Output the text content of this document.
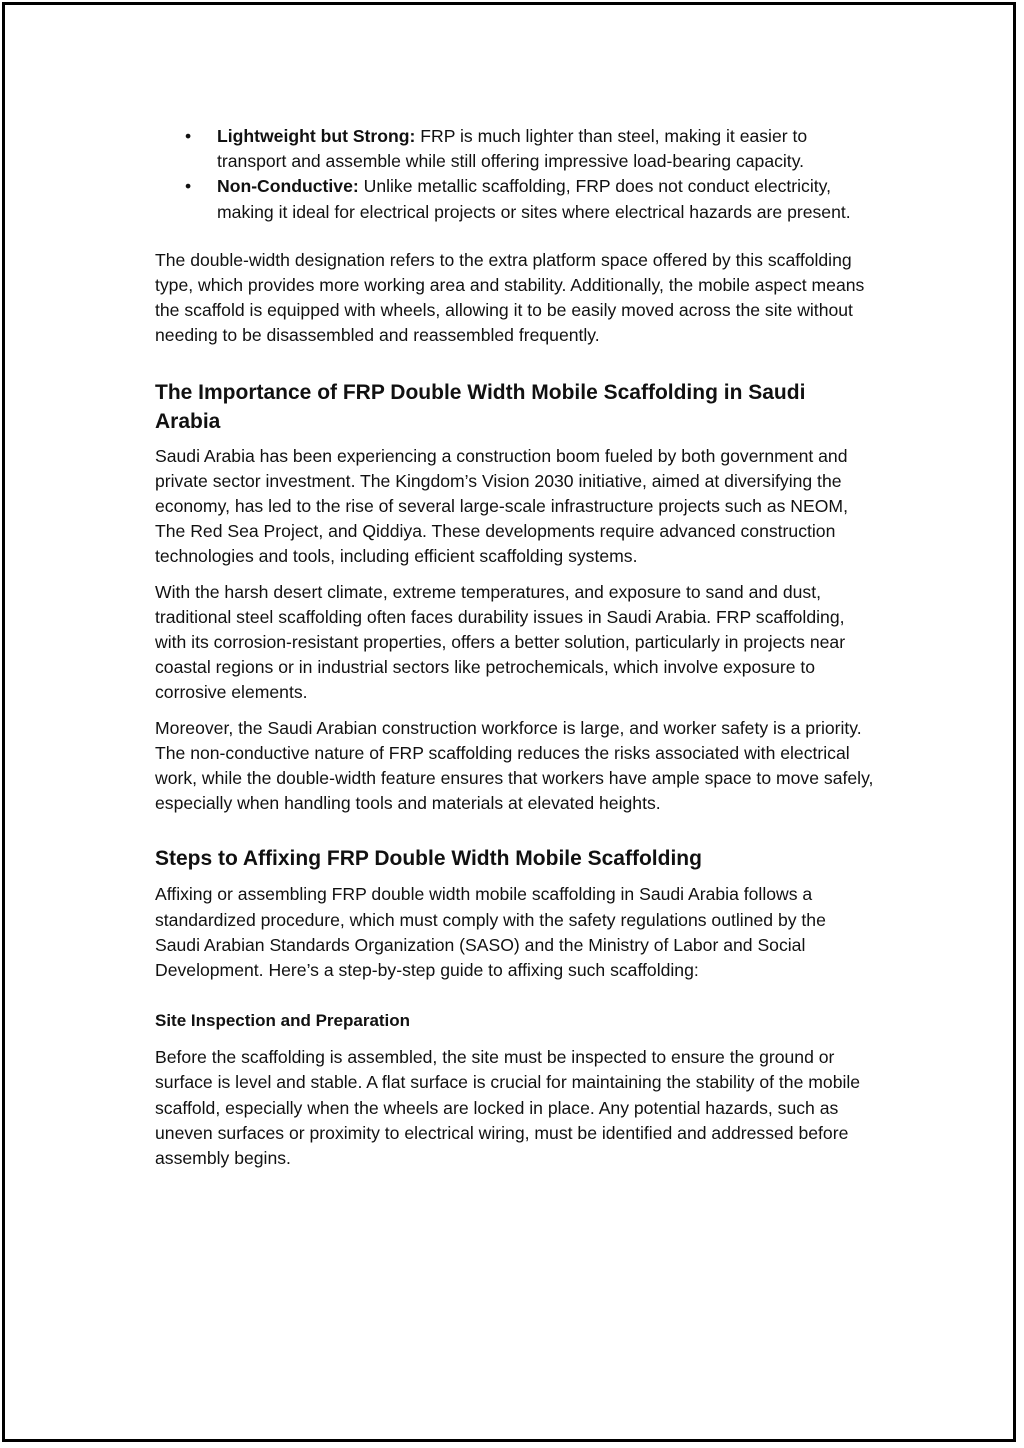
• Lightweight but Strong: FRP is much lighter than steel, making it easier to transport and assemble while still offering impressive load-bearing capacity.
• Non-Conductive: Unlike metallic scaffolding, FRP does not conduct electricity, making it ideal for electrical projects or sites where electrical hazards are present.

The double-width designation refers to the extra platform space offered by this scaffolding type, which provides more working area and stability. Additionally, the mobile aspect means the scaffold is equipped with wheels, allowing it to be easily moved across the site without needing to be disassembled and reassembled frequently.

The Importance of FRP Double Width Mobile Scaffolding in Saudi Arabia

Saudi Arabia has been experiencing a construction boom fueled by both government and private sector investment. The Kingdom’s Vision 2030 initiative, aimed at diversifying the economy, has led to the rise of several large-scale infrastructure projects such as NEOM, The Red Sea Project, and Qiddiya. These developments require advanced construction technologies and tools, including efficient scaffolding systems.

With the harsh desert climate, extreme temperatures, and exposure to sand and dust, traditional steel scaffolding often faces durability issues in Saudi Arabia. FRP scaffolding, with its corrosion-resistant properties, offers a better solution, particularly in projects near coastal regions or in industrial sectors like petrochemicals, which involve exposure to corrosive elements.

Moreover, the Saudi Arabian construction workforce is large, and worker safety is a priority. The non-conductive nature of FRP scaffolding reduces the risks associated with electrical work, while the double-width feature ensures that workers have ample space to move safely, especially when handling tools and materials at elevated heights.

Steps to Affixing FRP Double Width Mobile Scaffolding

Affixing or assembling FRP double width mobile scaffolding in Saudi Arabia follows a standardized procedure, which must comply with the safety regulations outlined by the Saudi Arabian Standards Organization (SASO) and the Ministry of Labor and Social Development. Here’s a step-by-step guide to affixing such scaffolding:

Site Inspection and Preparation

Before the scaffolding is assembled, the site must be inspected to ensure the ground or surface is level and stable. A flat surface is crucial for maintaining the stability of the mobile scaffold, especially when the wheels are locked in place. Any potential hazards, such as uneven surfaces or proximity to electrical wiring, must be identified and addressed before assembly begins.
